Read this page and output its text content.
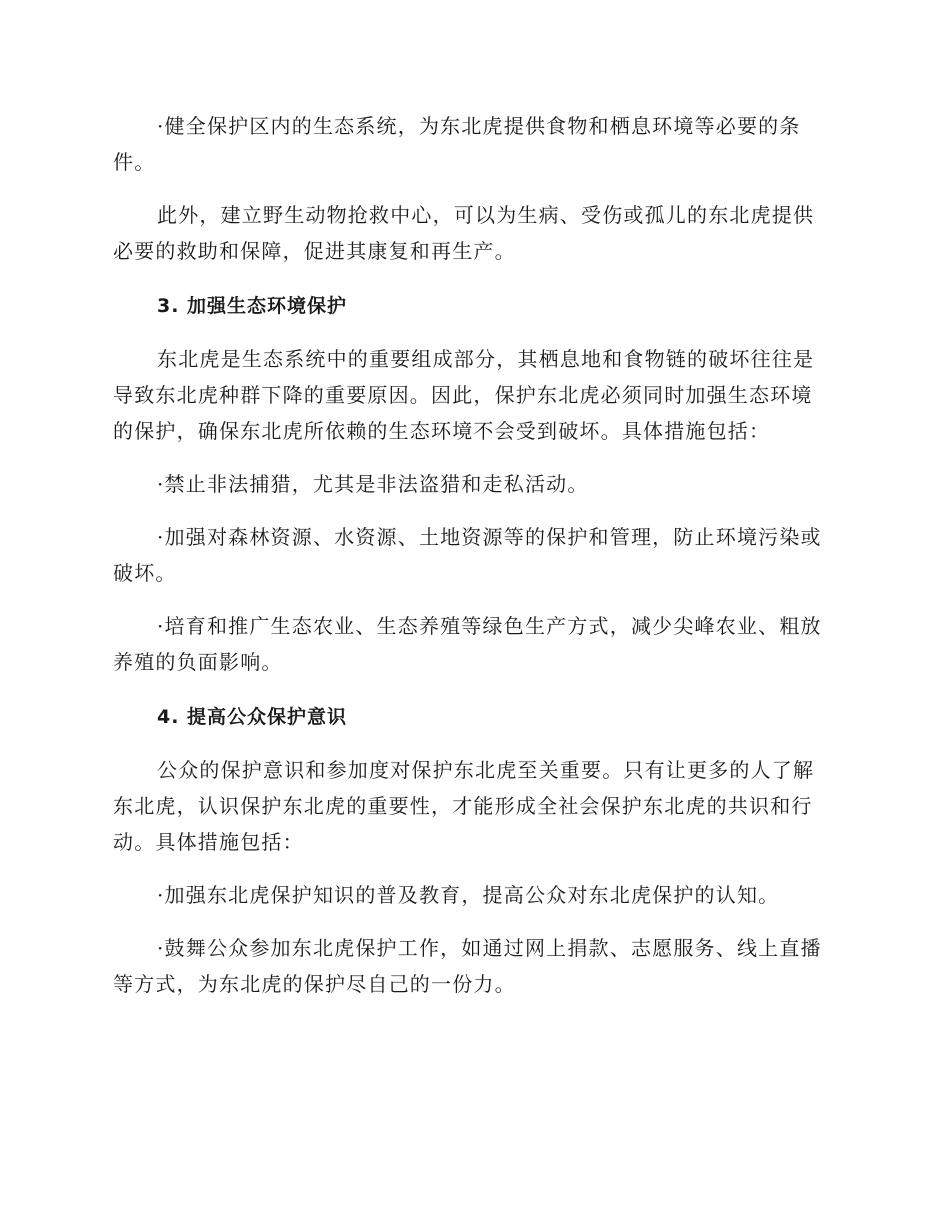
·健全保护区内的生态系统，为东北虎提供食物和栖息环境等必要的条件。

此外，建立野生动物抢救中心，可以为生病、受伤或孤儿的东北虎提供必要的救助和保障，促进其康复和再生产。

3. 加强生态环境保护

东北虎是生态系统中的重要组成部分，其栖息地和食物链的破坏往往是导致东北虎种群下降的重要原因。因此，保护东北虎必须同时加强生态环境的保护，确保东北虎所依赖的生态环境不会受到破坏。具体措施包括：

·禁止非法捕猎，尤其是非法盗猎和走私活动。

·加强对森林资源、水资源、土地资源等的保护和管理，防止环境污染或破坏。

·培育和推广生态农业、生态养殖等绿色生产方式，减少尖峰农业、粗放养殖的负面影响。

4. 提高公众保护意识

公众的保护意识和参加度对保护东北虎至关重要。只有让更多的人了解东北虎，认识保护东北虎的重要性，才能形成全社会保护东北虎的共识和行动。具体措施包括：

·加强东北虎保护知识的普及教育，提高公众对东北虎保护的认知。

·鼓舞公众参加东北虎保护工作，如通过网上捐款、志愿服务、线上直播等方式，为东北虎的保护尽自己的一份力。
